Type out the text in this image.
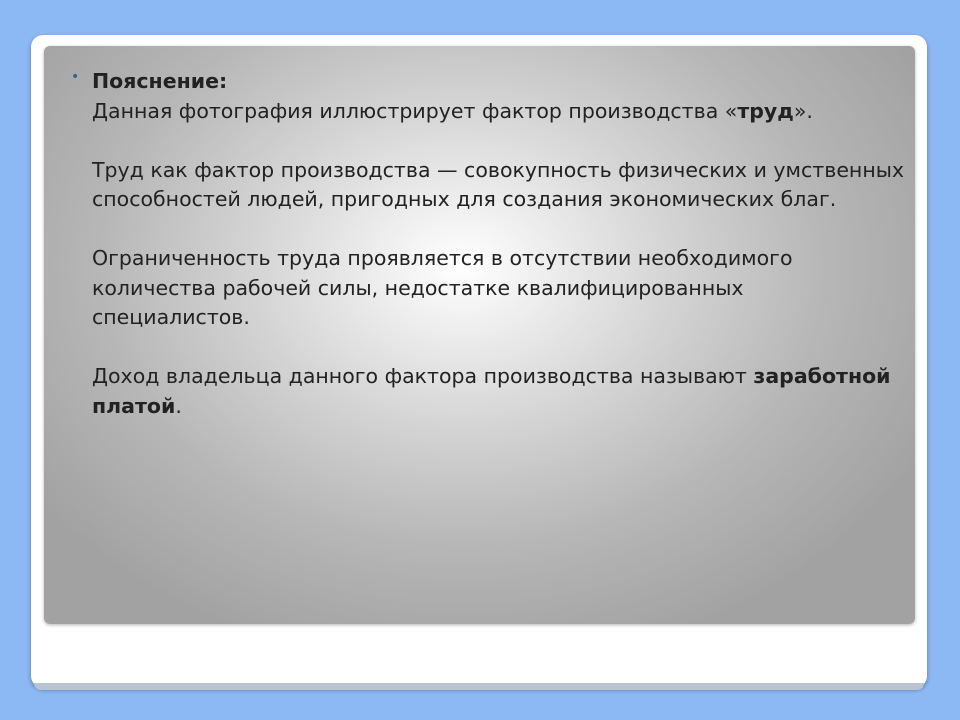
• Пояснение:

Данная фотография иллюстрирует фактор производства «труд».

Труд как фактор производства — совокупность физических и умственных способностей людей, пригодных для создания экономических благ.

Ограниченность труда проявляется в отсутствии необходимого количества рабочей силы, недостатке квалифицированных специалистов.

Доход владельца данного фактора производства называют заработной платой.
